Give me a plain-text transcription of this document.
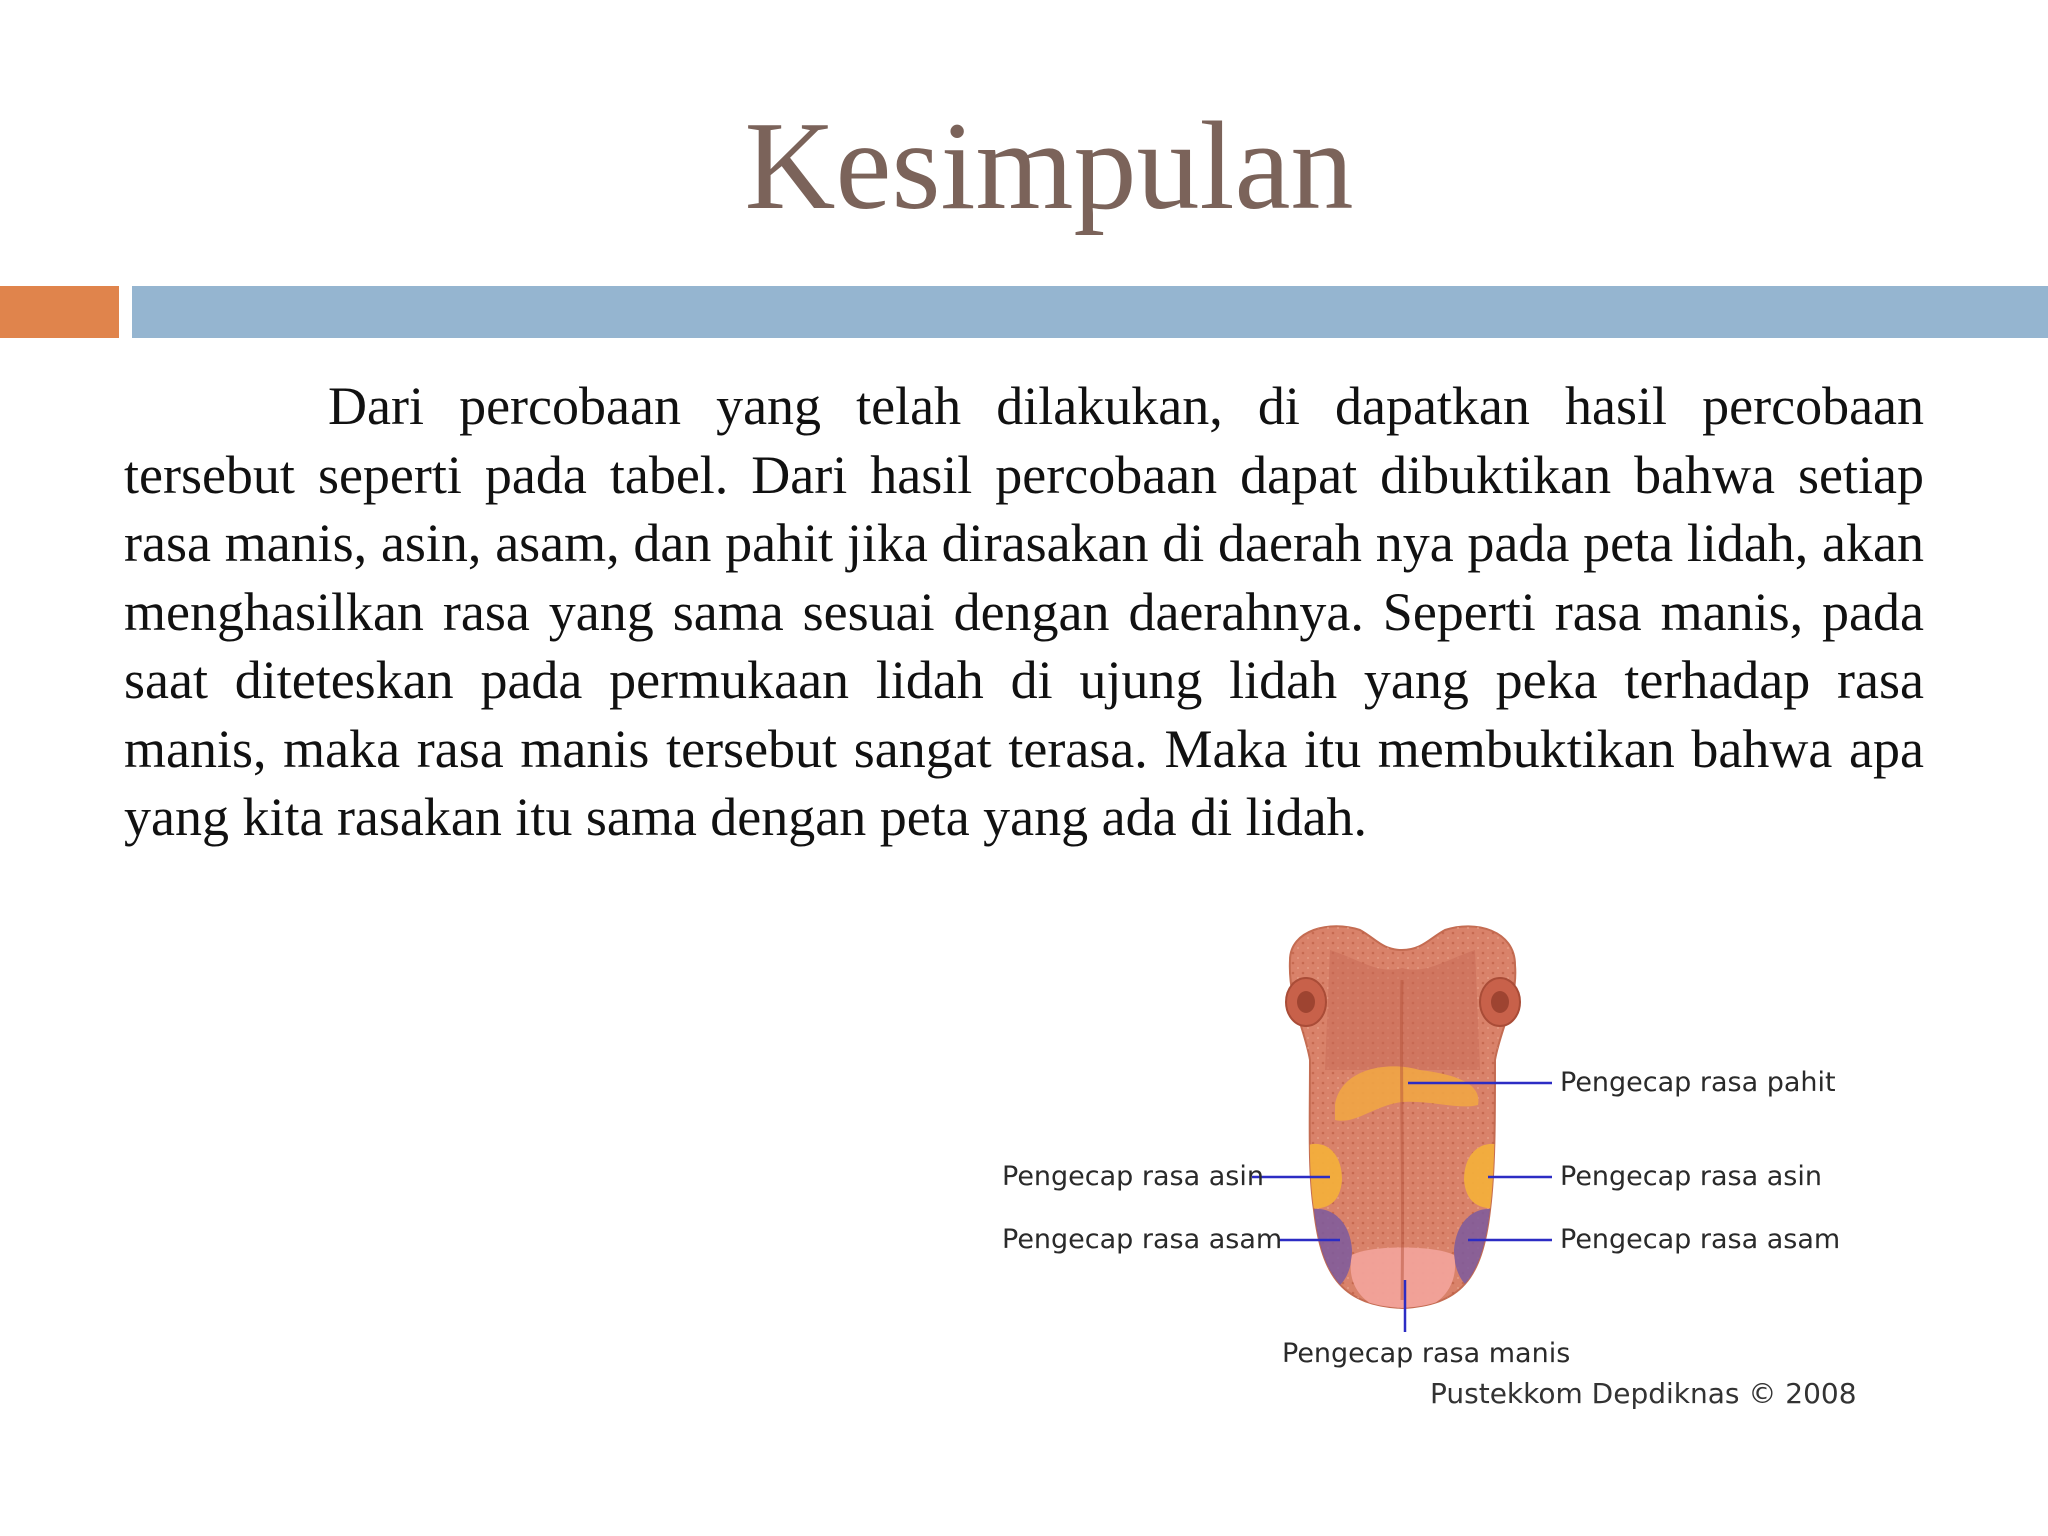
Kesimpulan

Dari percobaan yang telah dilakukan, di dapatkan hasil percobaan tersebut seperti pada tabel. Dari hasil percobaan dapat dibuktikan bahwa setiap rasa manis, asin, asam, dan pahit jika dirasakan di daerah nya pada peta lidah, akan menghasilkan rasa yang sama sesuai dengan daerahnya. Seperti rasa manis, pada saat diteteskan pada permukaan lidah di ujung lidah yang peka terhadap rasa manis, maka rasa manis tersebut sangat terasa. Maka itu membuktikan bahwa apa yang kita rasakan itu sama dengan peta yang ada di lidah.

Pengecap rasa pahit
Pengecap rasa asin	Pengecap rasa asin
Pengecap rasa asam	Pengecap rasa asam
Pengecap rasa manis
Pustekkom Depdiknas © 2008
